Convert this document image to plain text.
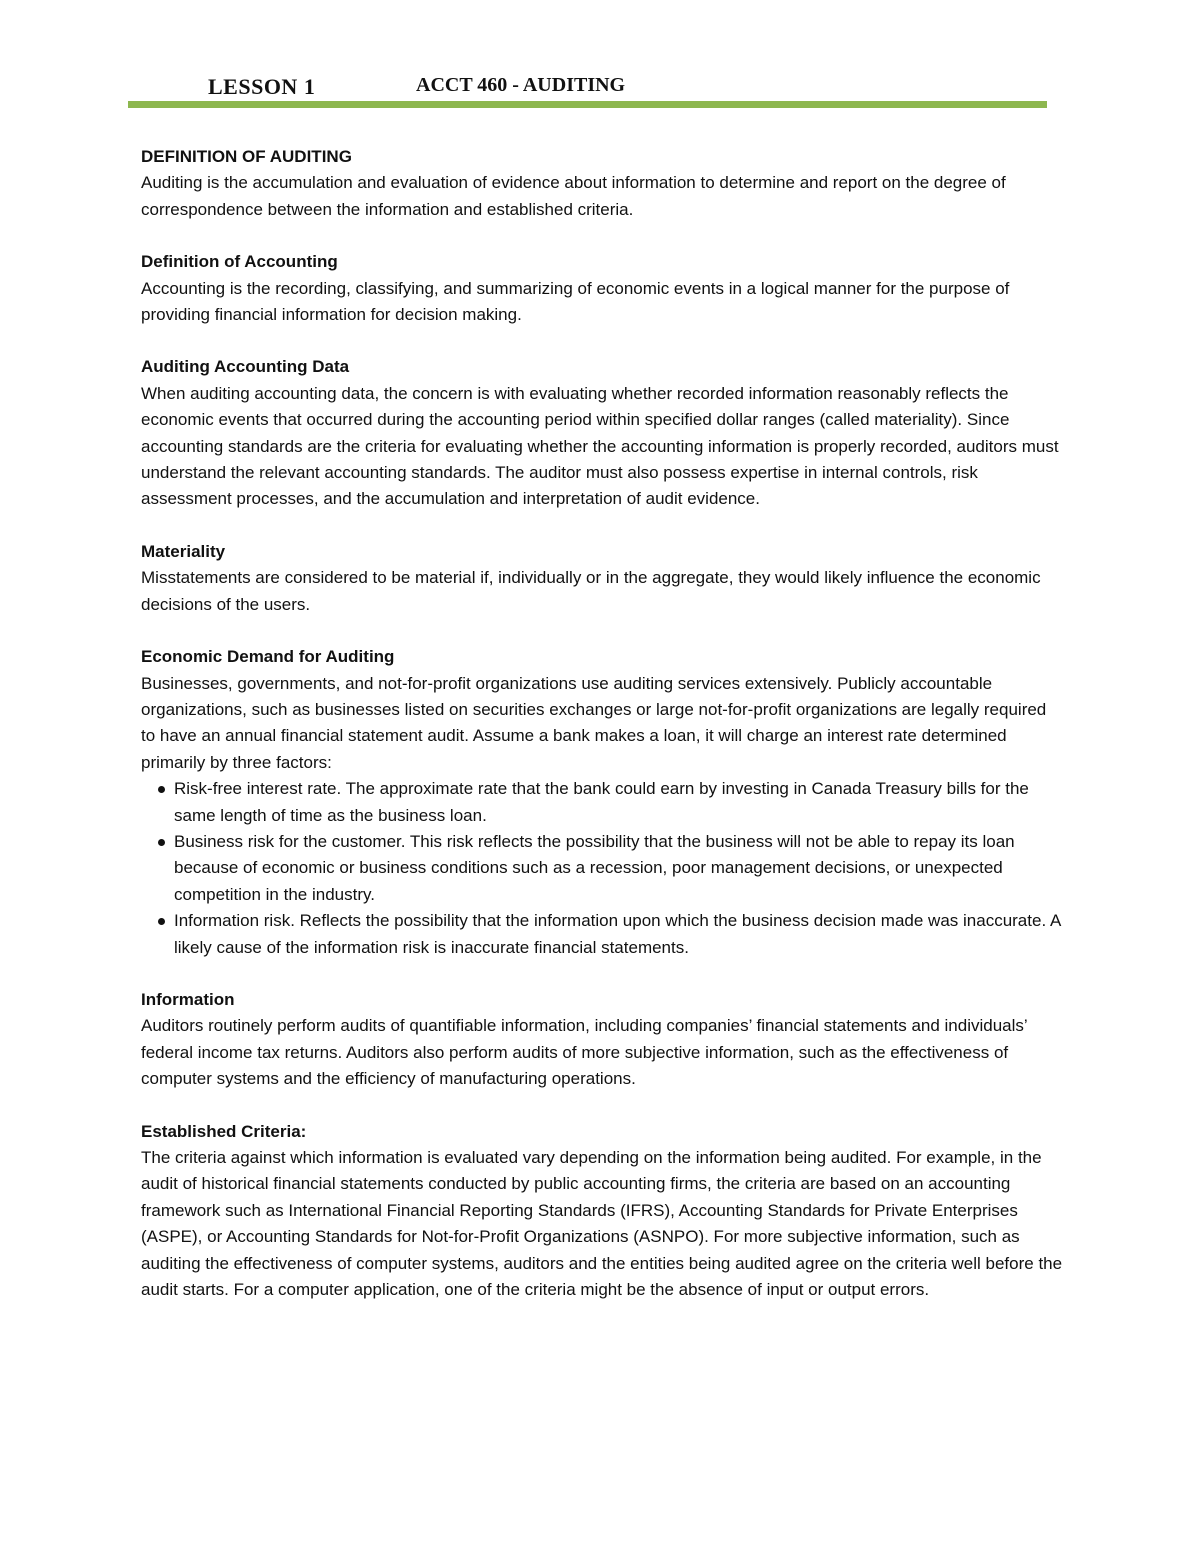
LESSON 1	ACCT 460 - AUDITING
DEFINITION OF AUDITING

Auditing is the accumulation and evaluation of evidence about information to determine and report on the degree of correspondence between the information and established criteria.

Definition of Accounting

Accounting is the recording, classifying, and summarizing of economic events in a logical manner for the purpose of providing financial information for decision making.

Auditing Accounting Data

When auditing accounting data, the concern is with evaluating whether recorded information reasonably reflects the economic events that occurred during the accounting period within specified dollar ranges (called materiality). Since accounting standards are the criteria for evaluating whether the accounting information is properly recorded, auditors must understand the relevant accounting standards. The auditor must also possess expertise in internal controls, risk assessment processes, and the accumulation and interpretation of audit evidence.

Materiality

Misstatements are considered to be material if, individually or in the aggregate, they would likely influence the economic decisions of the users.

Economic Demand for Auditing

Businesses, governments, and not-for-profit organizations use auditing services extensively. Publicly accountable organizations, such as businesses listed on securities exchanges or large not-for-profit organizations are legally required to have an annual financial statement audit. Assume a bank makes a loan, it will charge an interest rate determined primarily by three factors:

Risk-free interest rate. The approximate rate that the bank could earn by investing in Canada Treasury bills for the same length of time as the business loan.
Business risk for the customer. This risk reflects the possibility that the business will not be able to repay its loan because of economic or business conditions such as a recession, poor management decisions, or unexpected competition in the industry.
Information risk. Reflects the possibility that the information upon which the business decision made was inaccurate. A likely cause of the information risk is inaccurate financial statements.
Information

Auditors routinely perform audits of quantifiable information, including companies’ financial statements and individuals’ federal income tax returns. Auditors also perform audits of more subjective information, such as the effectiveness of computer systems and the efficiency of manufacturing operations.

Established Criteria:

The criteria against which information is evaluated vary depending on the information being audited. For example, in the audit of historical financial statements conducted by public accounting firms, the criteria are based on an accounting framework such as International Financial Reporting Standards (IFRS), Accounting Standards for Private Enterprises (ASPE), or Accounting Standards for Not-for-Profit Organizations (ASNPO). For more subjective information, such as auditing the effectiveness of computer systems, auditors and the entities being audited agree on the criteria well before the audit starts. For a computer application, one of the criteria might be the absence of input or output errors.
